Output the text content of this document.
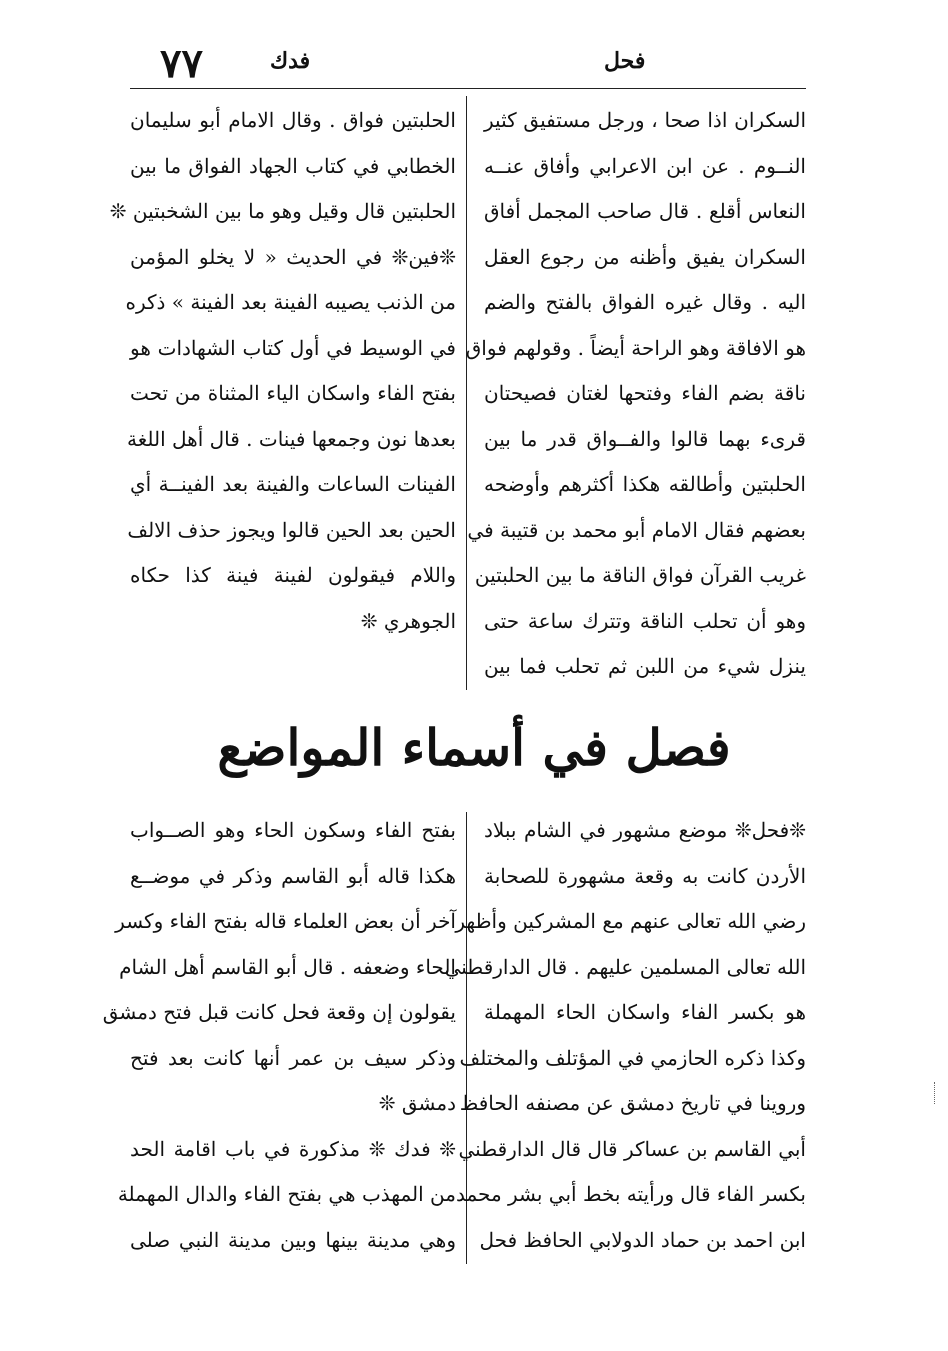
٧٧	فدك	فحل

السكران اذا صحا ، ورجل مستفيق كثير

النــوم . عن ابن الاعرابي وأفاق عنــه

النعاس أقلع . قال صاحب المجمل أفاق

السكران يفيق وأظنه من رجوع العقل

اليه . وقال غيره الفواق بالفتح والضم

هو الافاقة وهو الراحة أيضاً . وقولهم فواق

ناقة بضم الفاء وفتحها لغتان فصيحتان

قرىء بهما قالوا والفــواق قدر ما بين

الحلبتين وأطالقه هكذا أكثرهم وأوضحه

بعضهم فقال الامام أبو محمد بن قتيبة في

غريب القرآن فواق الناقة ما بين الحلبتين

وهو أن تحلب الناقة وتترك ساعة حتى

ينزل شيء من اللبن ثم تحلب فما بين

الحلبتين فواق . وقال الامام أبو سليمان

الخطابي في كتاب الجهاد الفواق ما بين

الحلبتين قال وقيل وهو ما بين الشخبتين ❊

❊فين❊ في الحديث « لا يخلو المؤمن

من الذنب يصيبه الفينة بعد الفينة » ذكره

في الوسيط في أول كتاب الشهادات هو

بفتح الفاء واسكان الياء المثناة من تحت

بعدها نون وجمعها فينات . قال أهل اللغة

الفينات الساعات والفينة بعد الفينــة أي

الحين بعد الحين قالوا ويجوز حذف الالف

واللام فيقولون لفينة فينة كذا حكاه

الجوهري ❊

فصل في أسماء المواضع

❊فحل❊ موضع مشهور في الشام ببلاد

الأردن كانت به وقعة مشهورة للصحابة

رضي الله تعالى عنهم مع المشركين وأظهر

الله تعالى المسلمين عليهم . قال الدارقطني

هو بكسر الفاء واسكان الحاء المهملة

وكذا ذكره الحازمي في المؤتلف والمختلف

وروينا في تاريخ دمشق عن مصنفه الحافظ

أبي القاسم بن عساكر قال قال الدارقطني

بكسر الفاء قال ورأيته بخط أبي بشر محمد

ابن احمد بن حماد الدولابي الحافظ فحل

بفتح الفاء وسكون الحاء وهو الصــواب

هكذا قاله أبو القاسم وذكر في موضــع

آخر أن بعض العلماء قاله بفتح الفاء وكسر

الحاء وضعفه . قال أبو القاسم أهل الشام

يقولون إن وقعة فحل كانت قبل فتح دمشق

وذكر سيف بن عمر أنها كانت بعد فتح

دمشق ❊

❊ فدك ❊ مذكورة في باب اقامة الحد

من المهذب هي بفتح الفاء والدال المهملة

وهي مدينة بينها وبين مدينة النبي صلى
